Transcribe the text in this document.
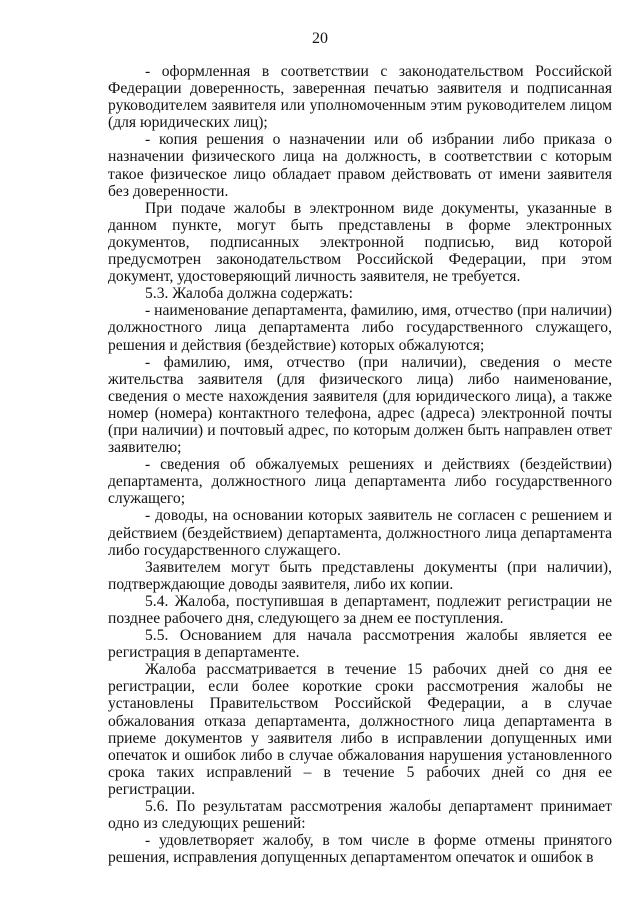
20

- оформленная в соответствии с законодательством Российской Федерации доверенность, заверенная печатью заявителя и подписанная руководителем заявителя или уполномоченным этим руководителем лицом (для юридических лиц);

- копия решения о назначении или об избрании либо приказа о назначении физического лица на должность, в соответствии с которым такое физическое лицо обладает правом действовать от имени заявителя без доверенности.

При подаче жалобы в электронном виде документы, указанные в данном пункте, могут быть представлены в форме электронных документов, подписанных электронной подписью, вид которой предусмотрен законодательством Российской Федерации, при этом документ, удостоверяющий личность заявителя, не требуется.

5.3. Жалоба должна содержать:

- наименование департамента, фамилию, имя, отчество (при наличии) должностного лица департамента либо государственного служащего, решения и действия (бездействие) которых обжалуются;

- фамилию, имя, отчество (при наличии), сведения о месте жительства заявителя (для физического лица) либо наименование, сведения о месте нахождения заявителя (для юридического лица), а также номер (номера) контактного телефона, адрес (адреса) электронной почты (при наличии) и почтовый адрес, по которым должен быть направлен ответ заявителю;

- сведения об обжалуемых решениях и действиях (бездействии) департамента, должностного лица департамента либо государственного служащего;

- доводы, на основании которых заявитель не согласен с решением и действием (бездействием) департамента, должностного лица департамента либо государственного служащего.

Заявителем могут быть представлены документы (при наличии), подтверждающие доводы заявителя, либо их копии.

5.4. Жалоба, поступившая в департамент, подлежит регистрации не позднее рабочего дня, следующего за днем ее поступления.

5.5. Основанием для начала рассмотрения жалобы является ее регистрация в департаменте.

Жалоба рассматривается в течение 15 рабочих дней со дня ее регистрации, если более короткие сроки рассмотрения жалобы не установлены Правительством Российской Федерации, а в случае обжалования отказа департамента, должностного лица департамента в приеме документов у заявителя либо в исправлении допущенных ими опечаток и ошибок либо в случае обжалования нарушения установленного срока таких исправлений – в течение 5 рабочих дней со дня ее регистрации.

5.6. По результатам рассмотрения жалобы департамент принимает одно из следующих решений:

- удовлетворяет жалобу, в том числе в форме отмены принятого решения, исправления допущенных департаментом опечаток и ошибок в
